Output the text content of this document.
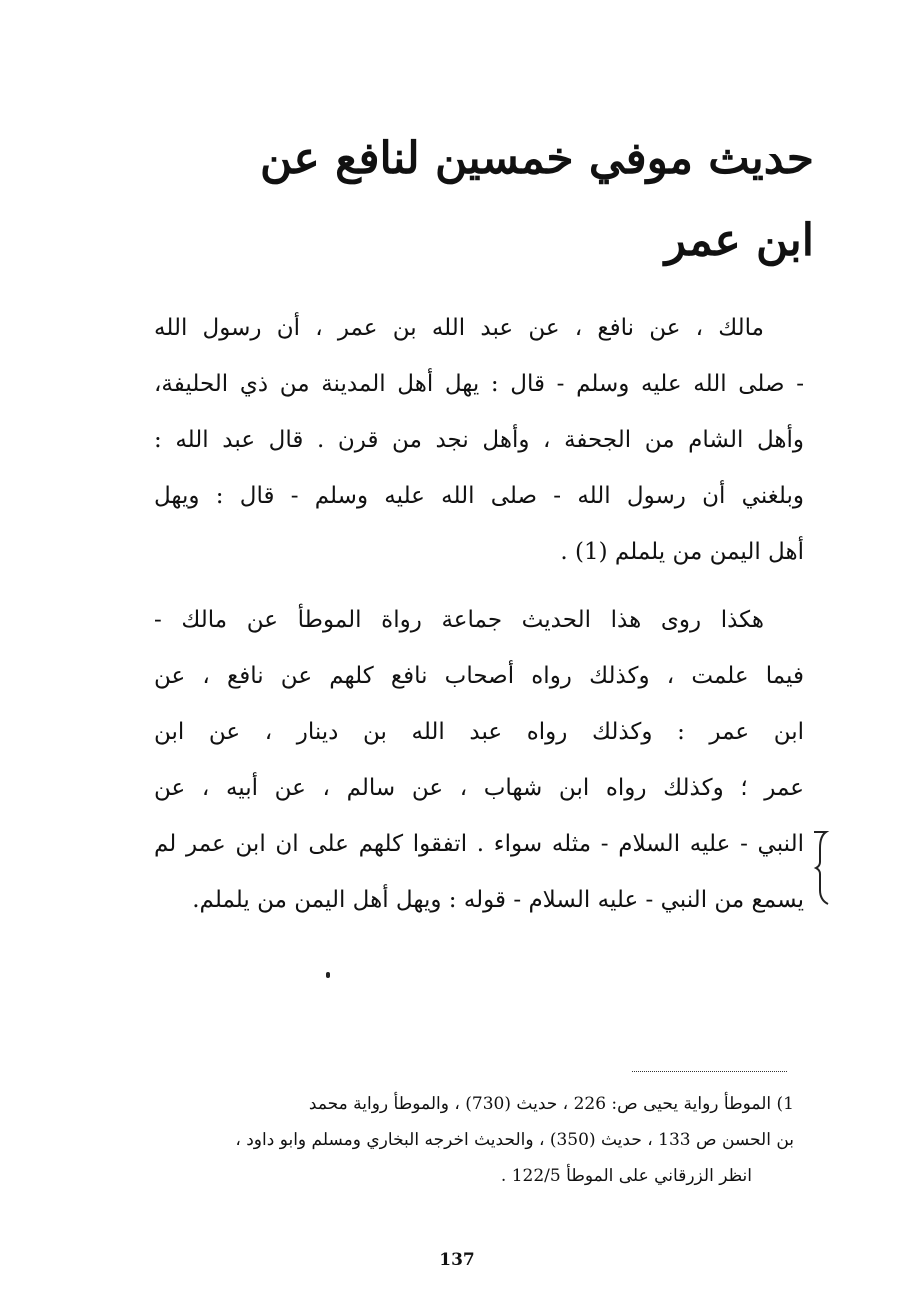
حديث موفي خمسين لنافع عن
ابن عمر

مالك ، عن نافع ، عن عبد الله بن عمر ، أن رسول الله
- صلى الله عليه وسلم - قال : يهل أهل المدينة من ذي الحليفة،
وأهل الشام من الجحفة ، وأهل نجد من قرن . قال عبد الله :
وبلغني أن رسول الله - صلى الله عليه وسلم - قال : ويهل
أهل اليمن من يلملم (1) .

هكذا روى هذا الحديث جماعة رواة الموطأ عن مالك -
فيما علمت ، وكذلك رواه أصحاب نافع كلهم عن نافع ، عن
ابن عمر : وكذلك رواه عبد الله بن دينار ، عن ابن
عمر ؛ وكذلك رواه ابن شهاب ، عن سالم ، عن أبيه ، عن
النبي - عليه السلام - مثله سواء . اتفقوا كلهم على ان ابن عمر لم
يسمع من النبي - عليه السلام - قوله : ويهل أهل اليمن من يلملم.

1) الموطأ رواية يحيى ص: 226 ، حديث (730) ، والموطأ رواية محمد
بن الحسن ص 133 ، حديث (350) ، والحديث اخرجه البخاري ومسلم وابو داود ،
انظر الزرقاني على الموطأ 122/5 .
137
